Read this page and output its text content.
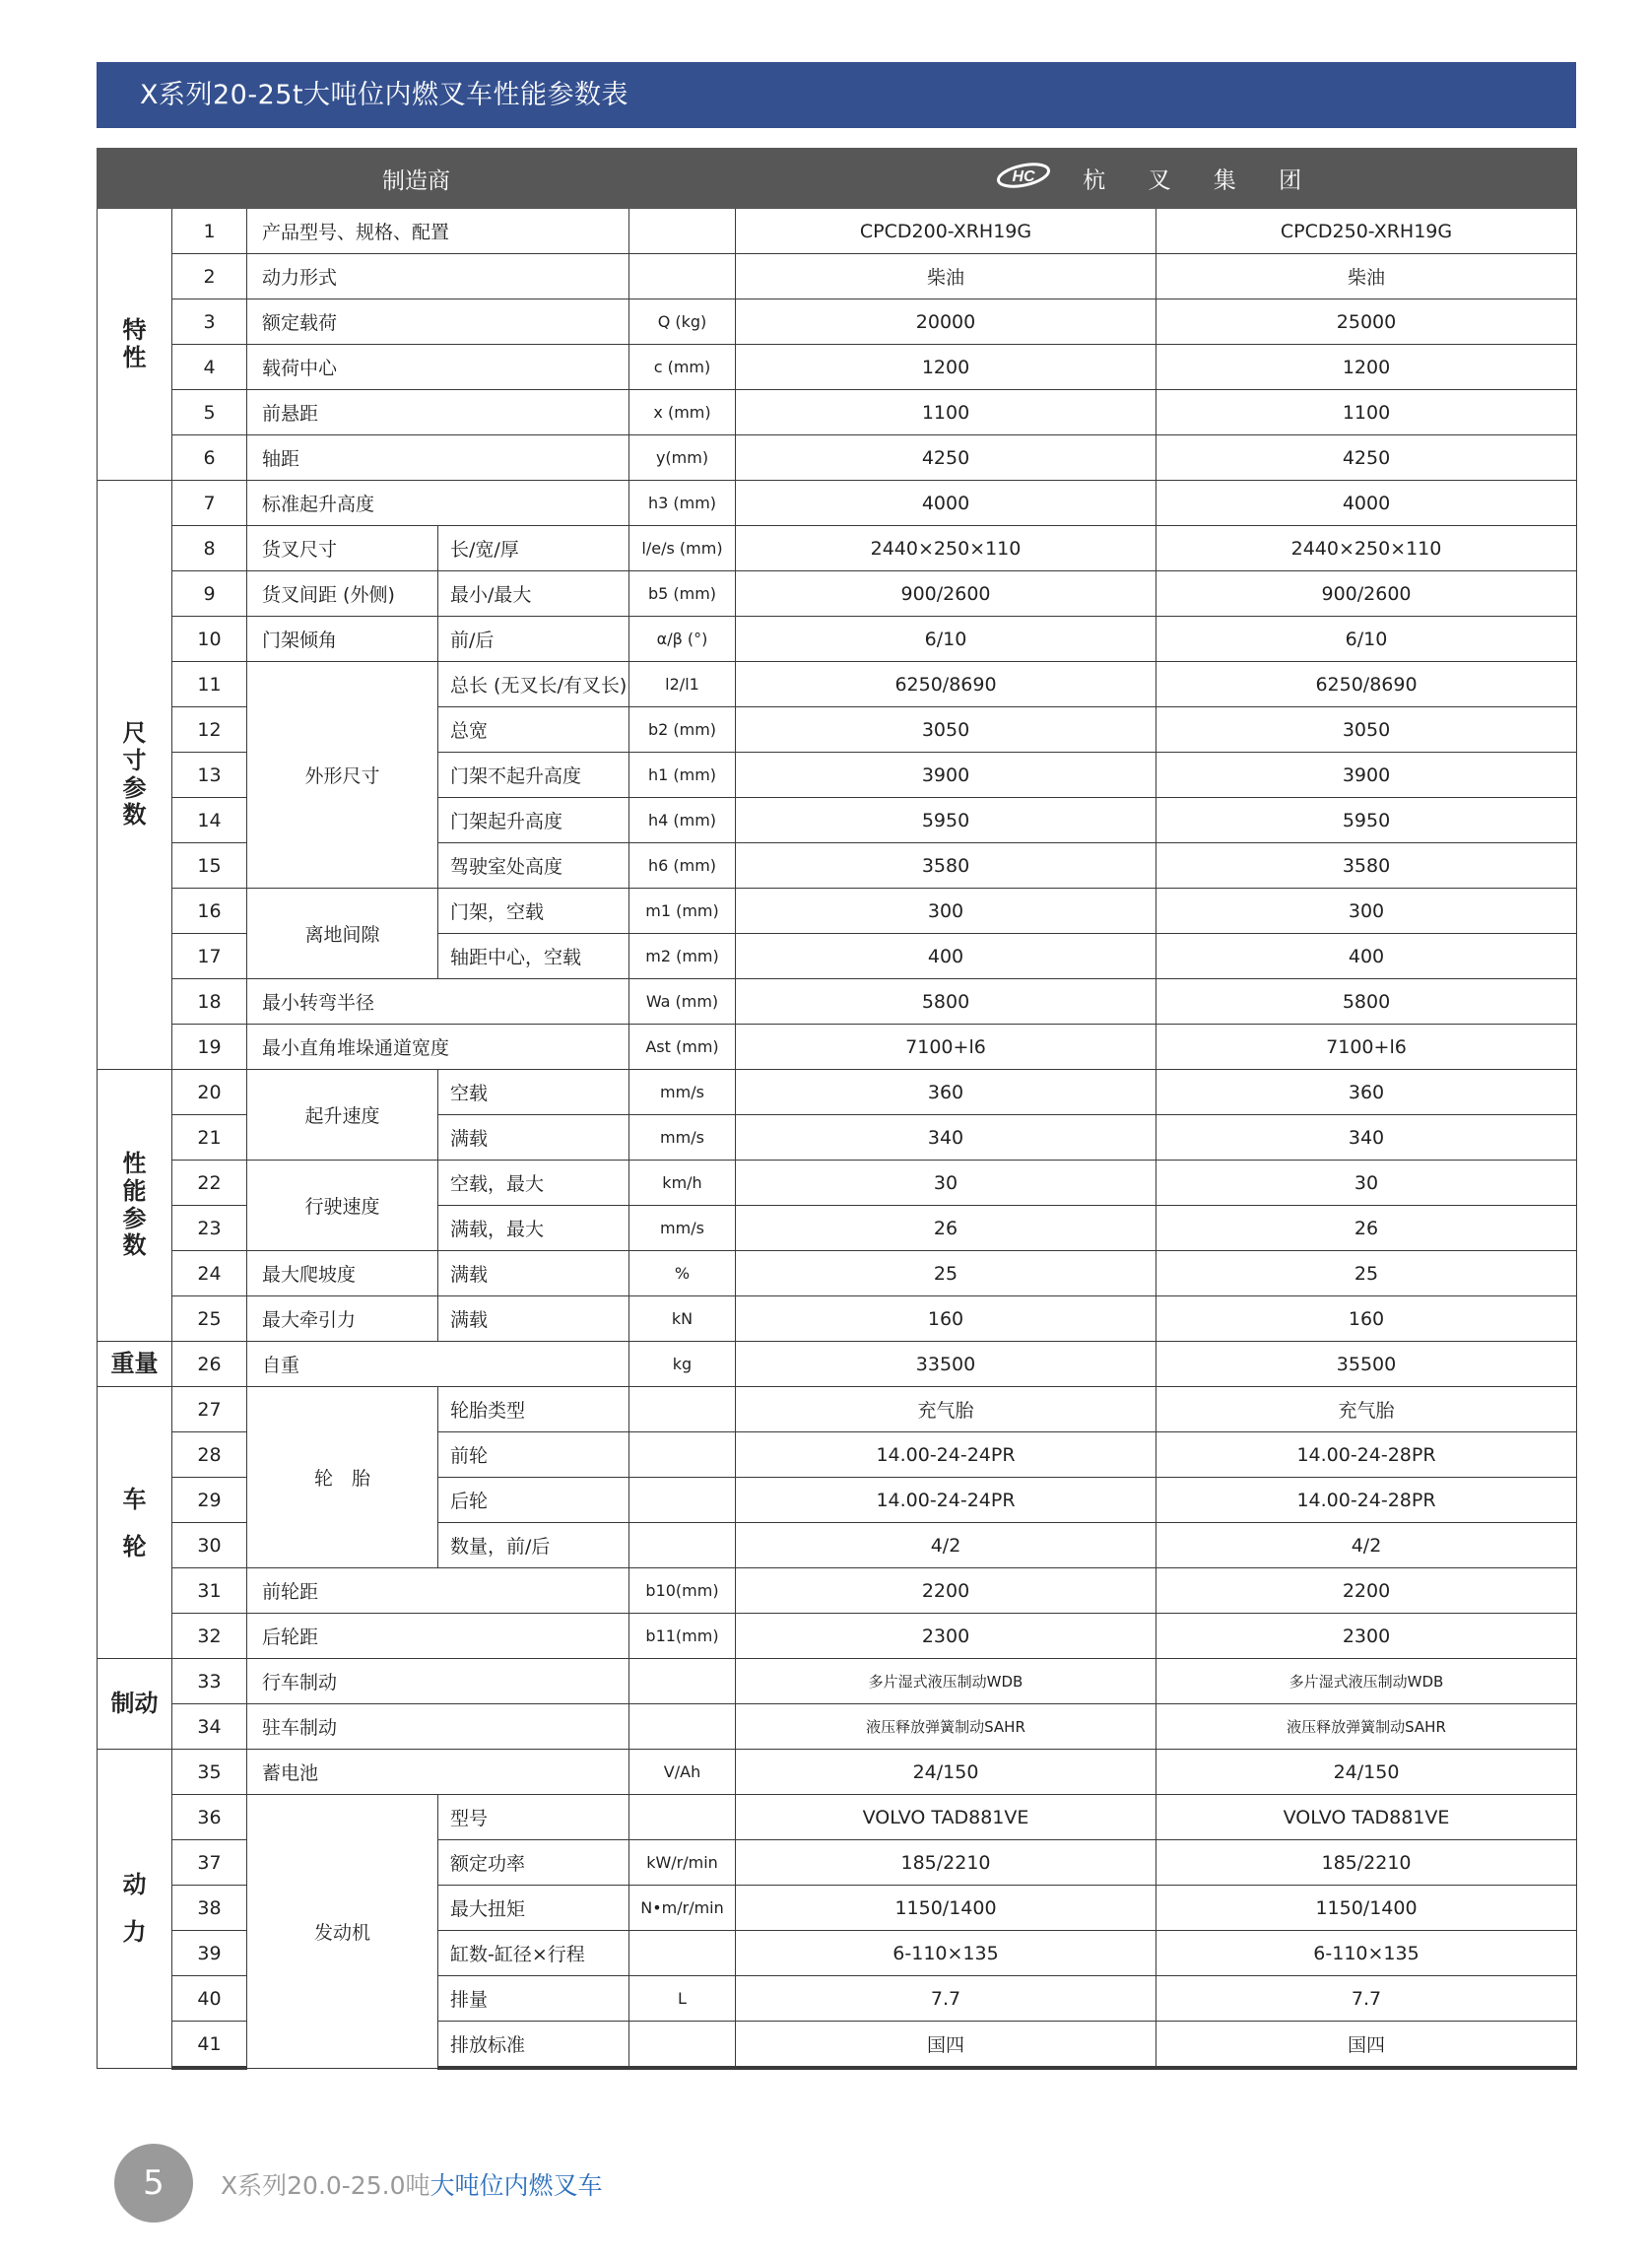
X系列20-25t大吨位内燃叉车性能参数表
制造商					HC 杭 叉 集 团	
特性	1	产品型号、规格、配置			CPCD200-XRH19G	CPCD250-XRH19G
	2	动力形式			柴油	柴油
	3	额定载荷		Q (kg)	20000	25000
	4	载荷中心		c (mm)	1200	1200
	5	前悬距		x (mm)	1100	1100
	6	轴距		y(mm)	4250	4250
尺寸参数	7	标准起升高度		h3 (mm)	4000	4000
	8	货叉尺寸	长/宽/厚	l/e/s (mm)	2440×250×110	2440×250×110
	9	货叉间距 (外侧)	最小/最大	b5 (mm)	900/2600	900/2600
	10	门架倾角	前/后	α/β (°)	6/10	6/10
	11	外形尺寸	总长 (无叉长/有叉长)	l2/l1	6250/8690	6250/8690
	12		总宽	b2 (mm)	3050	3050
	13		门架不起升高度	h1 (mm)	3900	3900
	14		门架起升高度	h4 (mm)	5950	5950
	15		驾驶室处高度	h6 (mm)	3580	3580
	16	离地间隙	门架，空载	m1 (mm)	300	300
	17		轴距中心，空载	m2 (mm)	400	400
	18	最小转弯半径		Wa (mm)	5800	5800
	19	最小直角堆垛通道宽度		Ast (mm)	7100+l6	7100+l6
性能参数	20	起升速度	空载	mm/s	360	360
	21		满载	mm/s	340	340
	22	行驶速度	空载，最大	km/h	30	30
	23		满载，最大	mm/s	26	26
	24	最大爬坡度	满载	%	25	25
	25	最大牵引力	满载	kN	160	160
重量	26	自重		kg	33500	35500
车轮	27	轮　胎	轮胎类型		充气胎	充气胎
	28		前轮		14.00-24-24PR	14.00-24-28PR
	29		后轮		14.00-24-24PR	14.00-24-28PR
	30		数量，前/后		4/2	4/2
	31	前轮距		b10(mm)	2200	2200
	32	后轮距		b11(mm)	2300	2300
制动	33	行车制动			多片湿式液压制动WDB	多片湿式液压制动WDB
	34	驻车制动			液压释放弹簧制动SAHR	液压释放弹簧制动SAHR
动力	35	蓄电池		V/Ah	24/150	24/150
	36	发动机	型号		VOLVO TAD881VE	VOLVO TAD881VE
	37		额定功率	kW/r/min	185/2210	185/2210
	38		最大扭矩	N•m/r/min	1150/1400	1150/1400
	39		缸数-缸径×行程		6-110×135	6-110×135
	40		排量	L	7.7	7.7
	41		排放标准		国四	国四
5	X系列20.0-25.0吨大吨位内燃叉车
